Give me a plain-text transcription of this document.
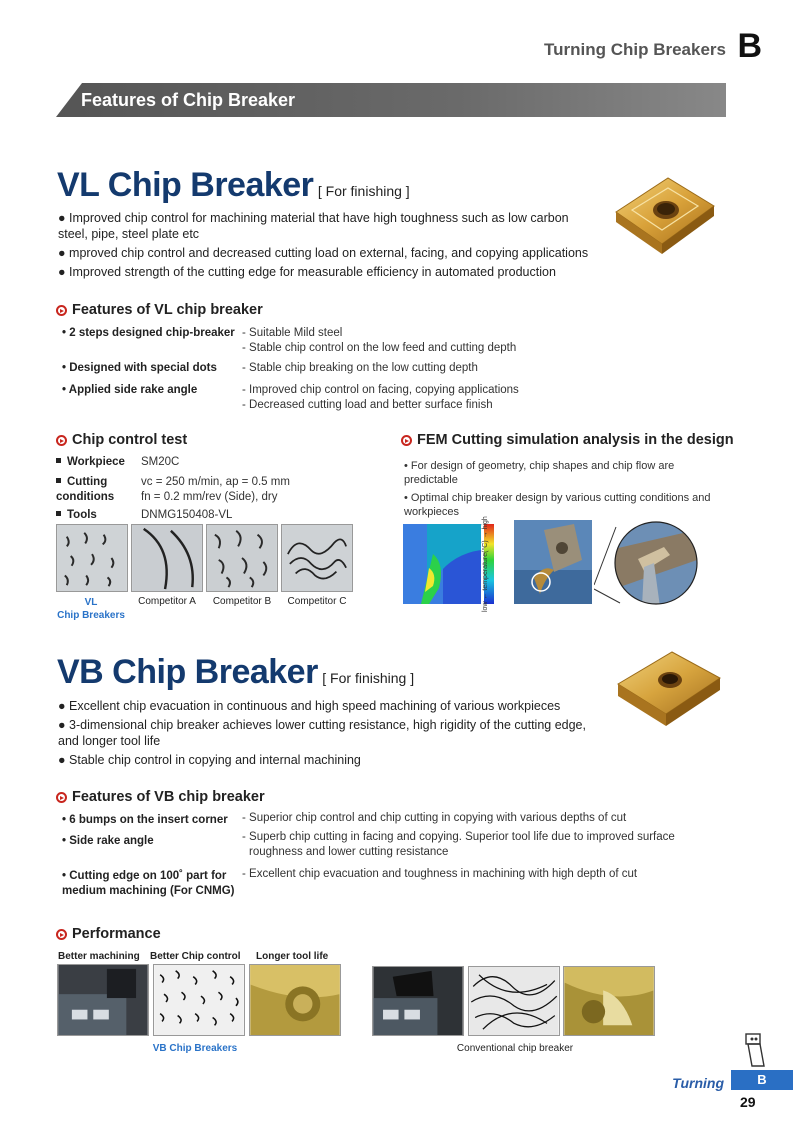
Turning Chip Breakers B
Features of Chip Breaker
VL Chip Breaker [ For finishing ]

● Improved chip control for machining material that have high toughness such as low carbon steel, pipe, steel plate etc

● mproved chip control and decreased cutting load on external, facing, and copying applications

● Improved strength of the cutting edge for measurable efficiency in automated production

Features of VL chip breaker
• 2 steps designed chip-breaker - Suitable Mild steel
- Stable chip control on the low feed and cutting depth
• Designed with special dots - Stable chip breaking on the low cutting depth
• Applied side rake angle	- Improved chip control on facing, copying applications
- Decreased cutting load and better surface finish
Chip control test
Workpiece SM20C
Cutting conditions
vc = 250 m/min, ap = 0.5 mm
fn = 0.2 mm/rev (Side), dry
Tools	DNMG150408-VL
VL
Chip Breakers
Competitor A	Competitor B	Competitor C
FEM Cutting simulation analysis in the design
• For design of geometry, chip shapes and chip flow are predictable
• Optimal chip breaker design by various cutting conditions and workpieces
low ← temperature(°C) → high
VB Chip Breaker [ For finishing ]

● Excellent chip evacuation in continuous and high speed machining of various workpieces

● 3-dimensional chip breaker achieves lower cutting resistance, high rigidity of the cutting edge, and longer tool life

● Stable chip control in copying and internal machining

Features of VB chip breaker
• 6 bumps on the insert corner - Superior chip control and chip cutting in copying with various depths of cut
• Side rake angle	- Superb chip cutting in facing and copying. Superior tool life due to improved surface
roughness and lower cutting resistance
• Cutting edge on 100˚ part for medium machining (For CNMG)
- Excellent chip evacuation and toughness in machining with high depth of cut
Performance
Better machining Better Chip control Longer tool life
VB Chip Breakers	Conventional chip breaker
Turning	B
29
